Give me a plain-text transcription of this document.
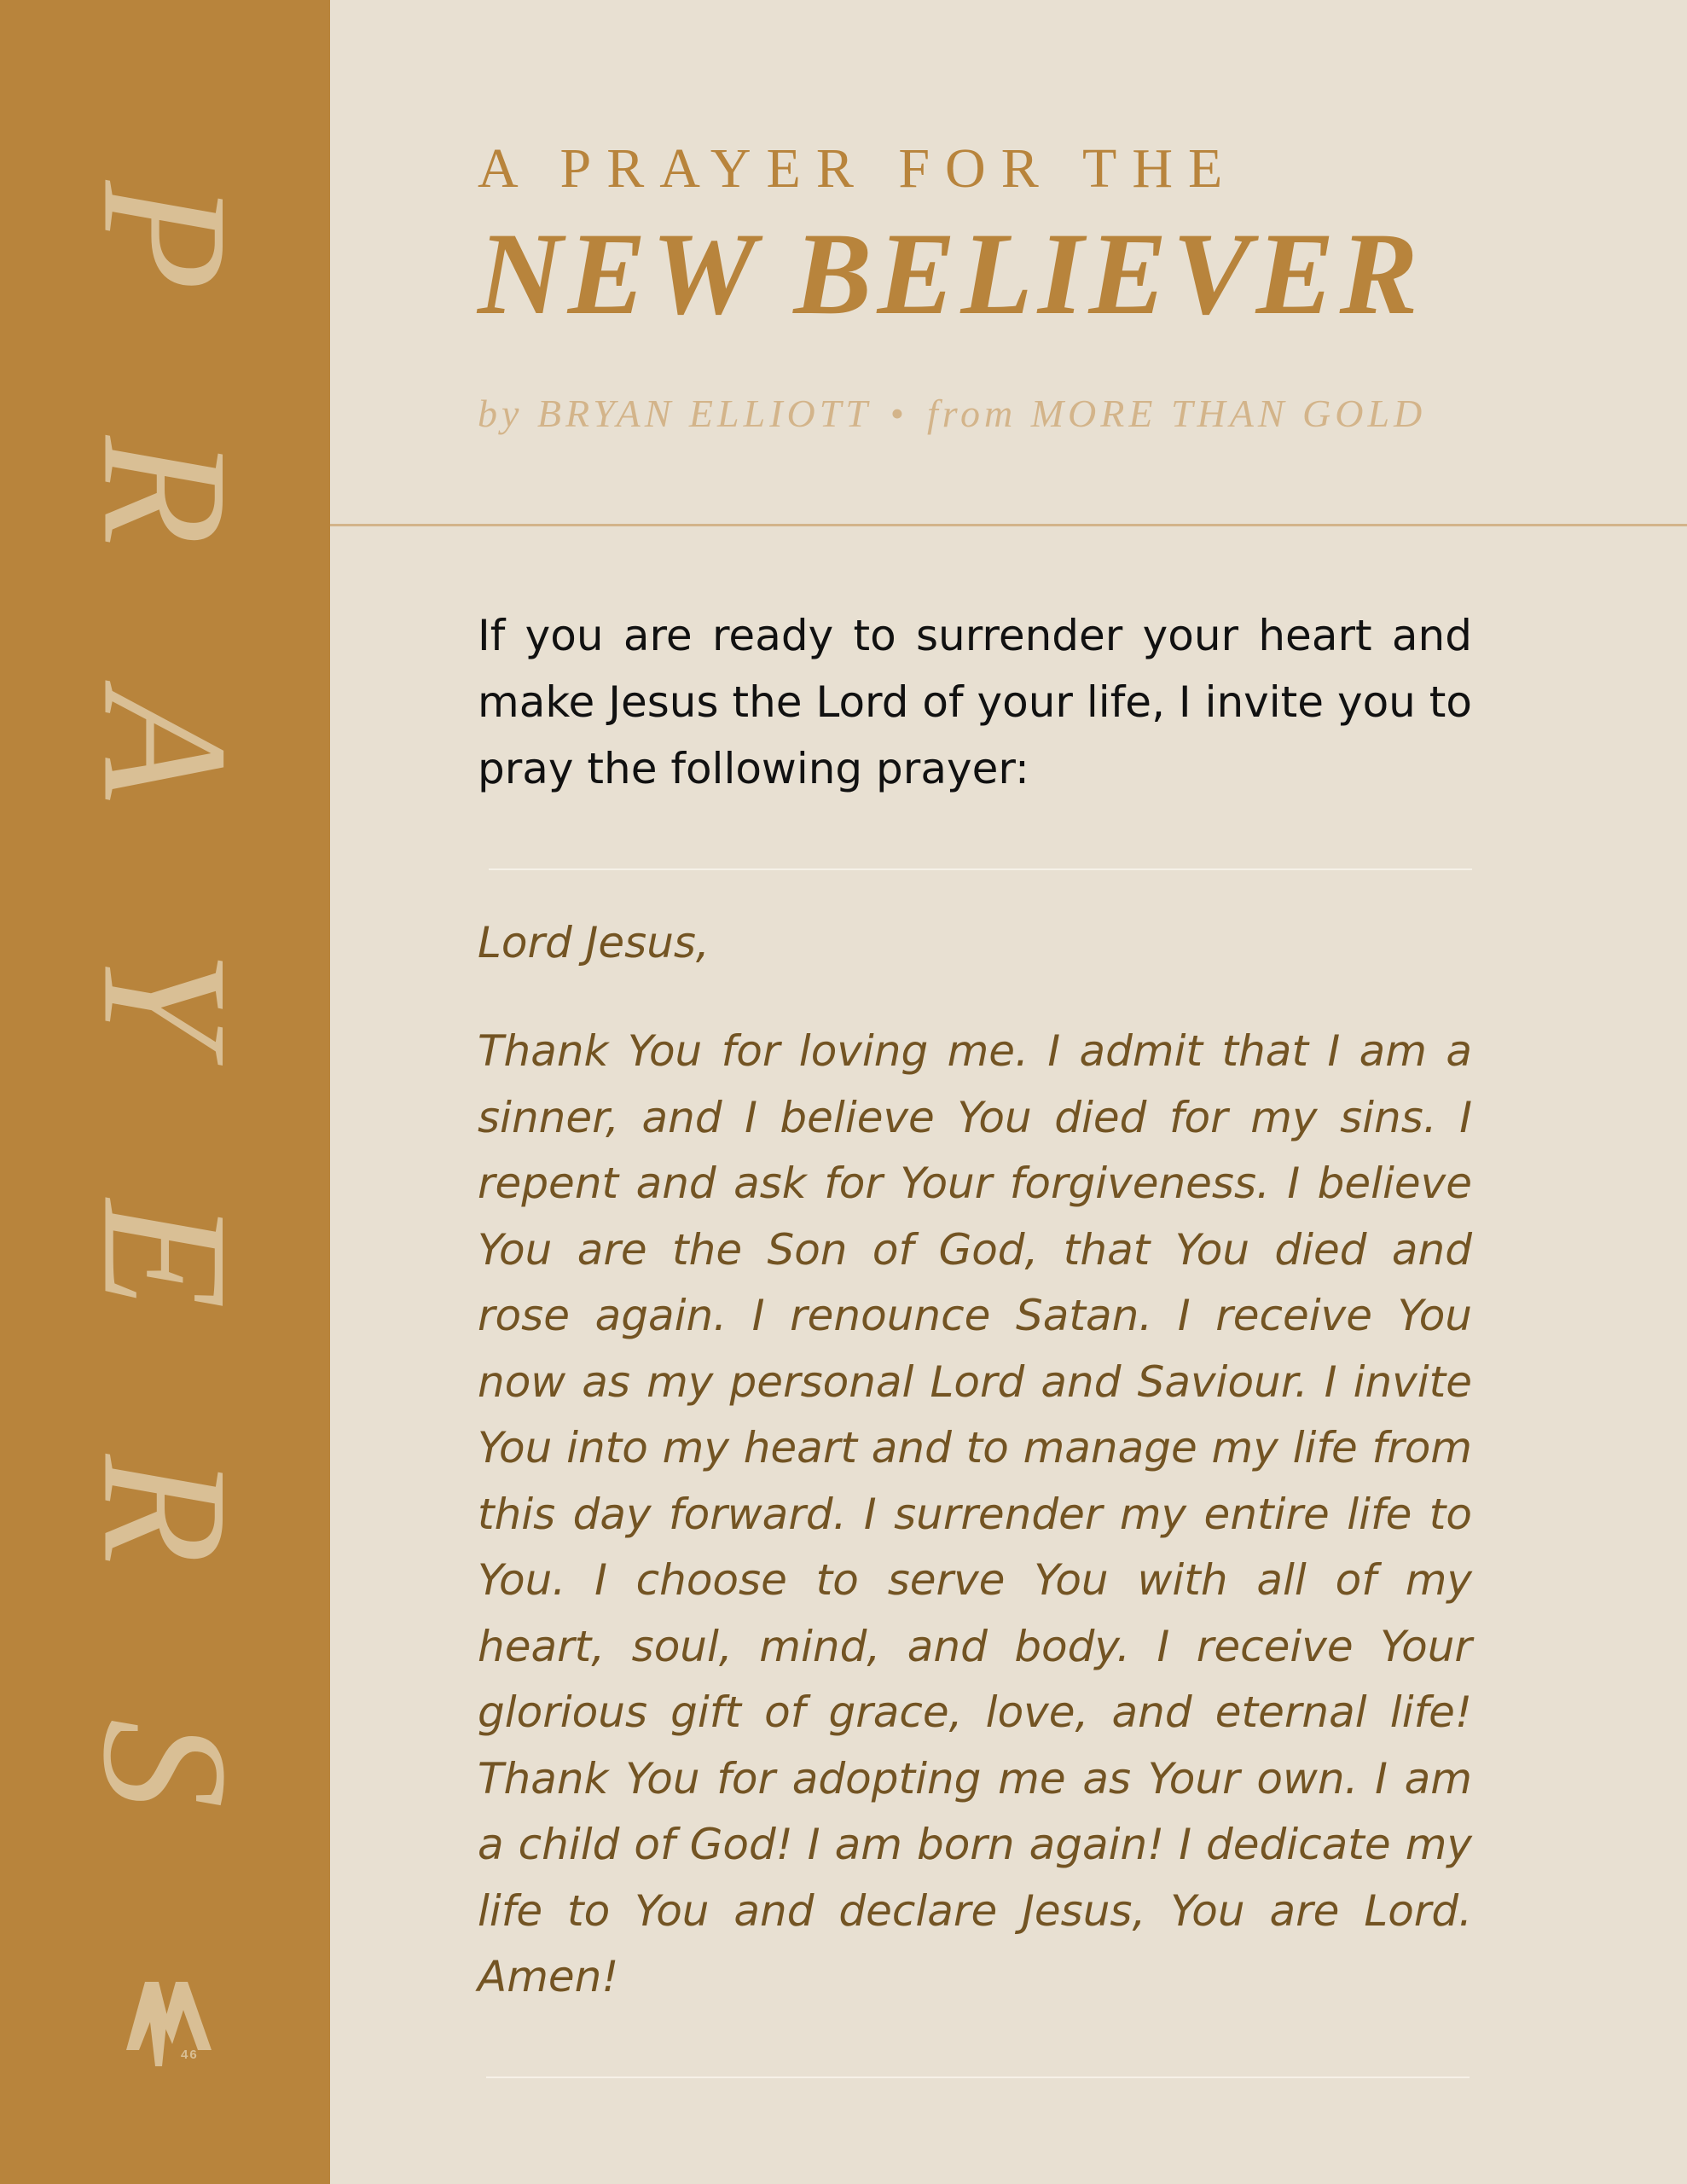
P
R
A
Y
E
R
S
46
A PRAYER FOR THE
NEW BELIEVER
by BRYAN ELLIOTT • from MORE THAN GOLD

If you are ready to surrender your heart and make Jesus the Lord of your life, I invite you to pray the following prayer:

Lord Jesus,

Thank You for loving me. I admit that I am a sinner, and I believe You died for my sins. I repent and ask for Your forgiveness. I believe You are the Son of God, that You died and rose again. I renounce Satan. I receive You now as my personal Lord and Saviour. I invite You into my heart and to manage my life from this day forward. I surrender my entire life to You. I choose to serve You with all of my heart, soul, mind, and body. I receive Your glorious gift of grace, love, and eternal life! Thank You for adopting me as Your own. I am a child of God! I am born again! I dedicate my life to You and declare Jesus, You are Lord. Amen!
